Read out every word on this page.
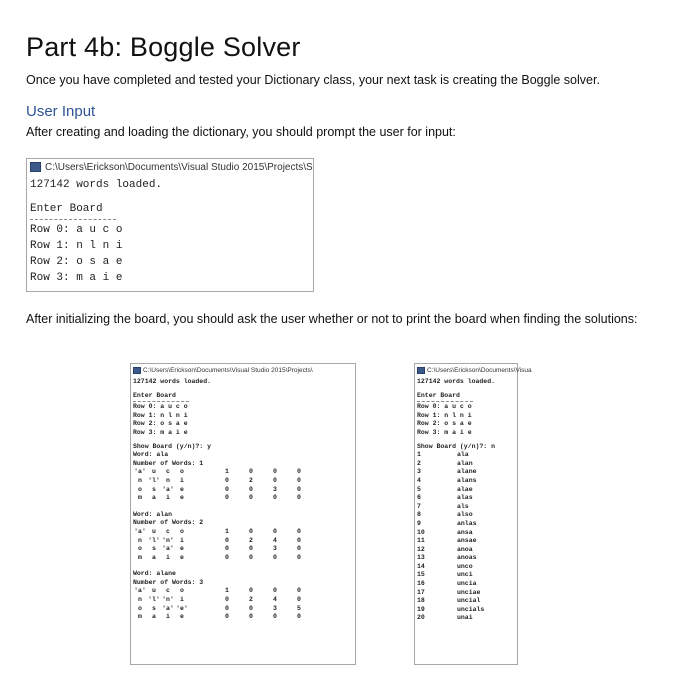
Part 4b: Boggle Solver
Once you have completed and tested your Dictionary class, your next task is creating the Boggle solver.
User Input
After creating and loading the dictionary, you should prompt the user for input:
C:\Users\Erickson\Documents\Visual Studio 2015\Projects\S
127142 words loaded.
Enter Board
Row 0: a u c o
Row 1: n l n i
Row 2: o s a e
Row 3: m a i e
After initializing the board, you should ask the user whether or not to print the board when finding the solutions:
C:\Users\Erickson\Documents\Visual Studio 2015\Projects\
127142 words loaded.
Enter Board
Row 0: a u c o
Row 1: n l n i
Row 2: o s a e
Row 3: m a i e
Show Board (y/n)?: y
Word: ala
Number of Words: 1
'a' u	c	o	1	0	0	0
n 'l' n	i	0	2	0	0
o	s 'a' e	0	0	3	0
m	a	i	e	0	0	0	0
Word: alan
Number of Words: 2
'a' u	c	o	1	0	0	0
n 'l' 'n' i	0	2	4	0
o	s 'a' e	0	0	3	0
m	a	i	e	0	0	0	0
Word: alane
Number of Words: 3
'a' u	c	o	1	0	0	0
n 'l' 'n' i	0	2	4	0
o	s 'a' 'e'	0	0	3	5
m	a	i	e	0	0	0	0
C:\Users\Erickson\Documents\Visua
127142 words loaded.
Enter Board
Row 0: a u c o
Row 1: n l n i
Row 2: o s a e
Row 3: m a i e
Show Board (y/n)?: n
1	ala
2	alan
3	alane
4	alans
5	alae
6	alas
7	als
8	also
9	anlas
10	ansa
11	ansae
12	anoa
13	anoas
14	unco
15	unci
16	uncia
17	unciae
18	uncial
19	uncials
20	unai
